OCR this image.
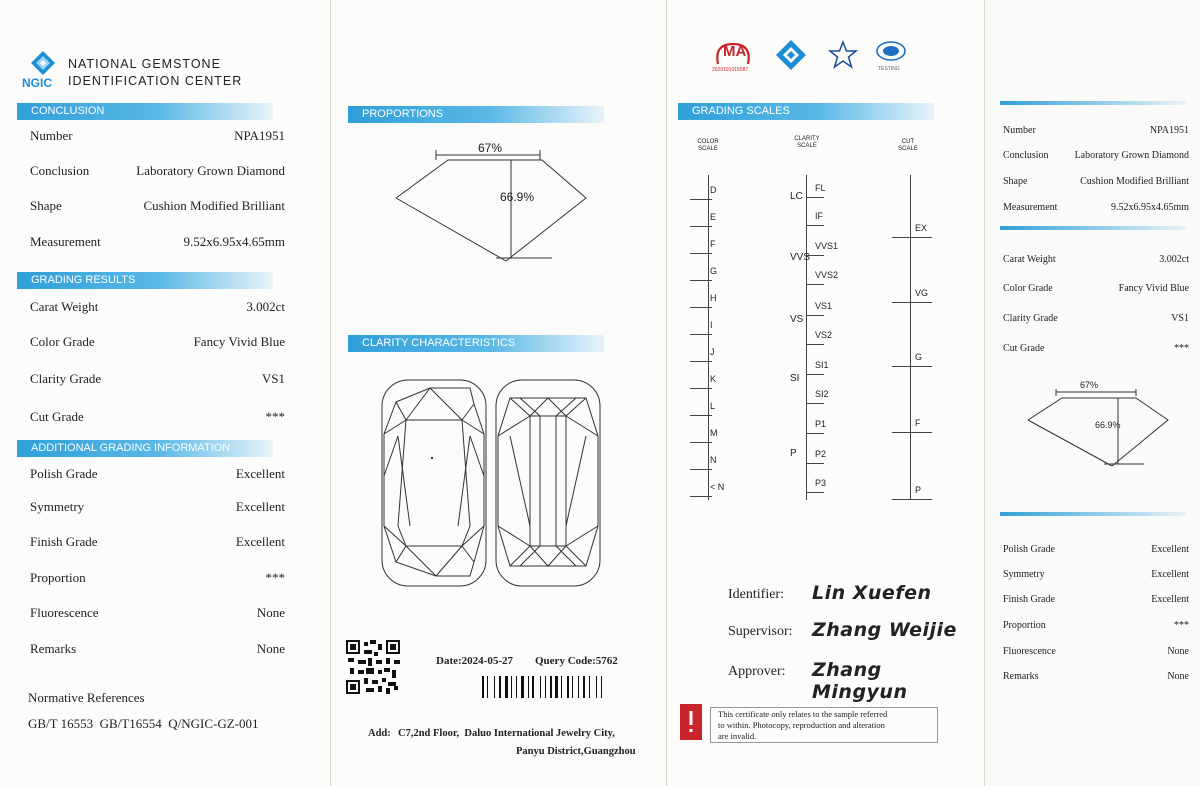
NGIC
NATIONAL GEMSTONE
IDENTIFICATION CENTER
CONCLUSION
Number	NPA1951
Conclusion	Laboratory Grown Diamond
Shape	Cushion Modified Brilliant
Measurement	9.52x6.95x4.65mm
GRADING RESULTS
Carat Weight	3.002ct
Color Grade	Fancy Vivid Blue
Clarity Grade	VS1
Cut Grade	***
ADDITIONAL GRADING INFORMATION
Polish Grade	Excellent
Symmetry	Excellent
Finish Grade	Excellent
Proportion	***
Fluorescence	None
Remarks	None
Normative References
GB/T 16553  GB/T16554  Q/NGIC-GZ-001
PROPORTIONS
67%
66.9%
CLARITY CHARACTERISTICS
Date:2024-05-27 Query Code:5762
Add: C7,2nd Floor,  Daluo International Jewelry City,
Panyu District,Guangzhou
MA
2020191015087	TESTING
GRADING SCALES
COLOR
SCALE
CLARITY
SCALE
CUT
SCALE
D
E
F
G
H
I
J
K
L
M
N
< N
FL
IF
VVS1
VVS2
VS1
VS2
SI1
SI2
P1
P2
P3
LC
VVS
VS
SI
P
EX
VG
G
F
P
Identifier: Lin Xuefen
Supervisor: Zhang Weijie
Approver: Zhang Mingyun
This certificate only relates to the sample referred
to within. Photocopy, reproduction and alteration
are invalid.
67%
66.9%
Number	NPA1951
Conclusion	Laboratory Grown Diamond
Shape	Cushion Modified Brilliant
Measurement	9.52x6.95x4.65mm
Carat Weight	3.002ct
Color Grade	Fancy Vivid Blue
Clarity Grade	VS1
Cut Grade	***
Polish Grade	Excellent
Symmetry	Excellent
Finish Grade	Excellent
Proportion	***
Fluorescence	None
Remarks	None
